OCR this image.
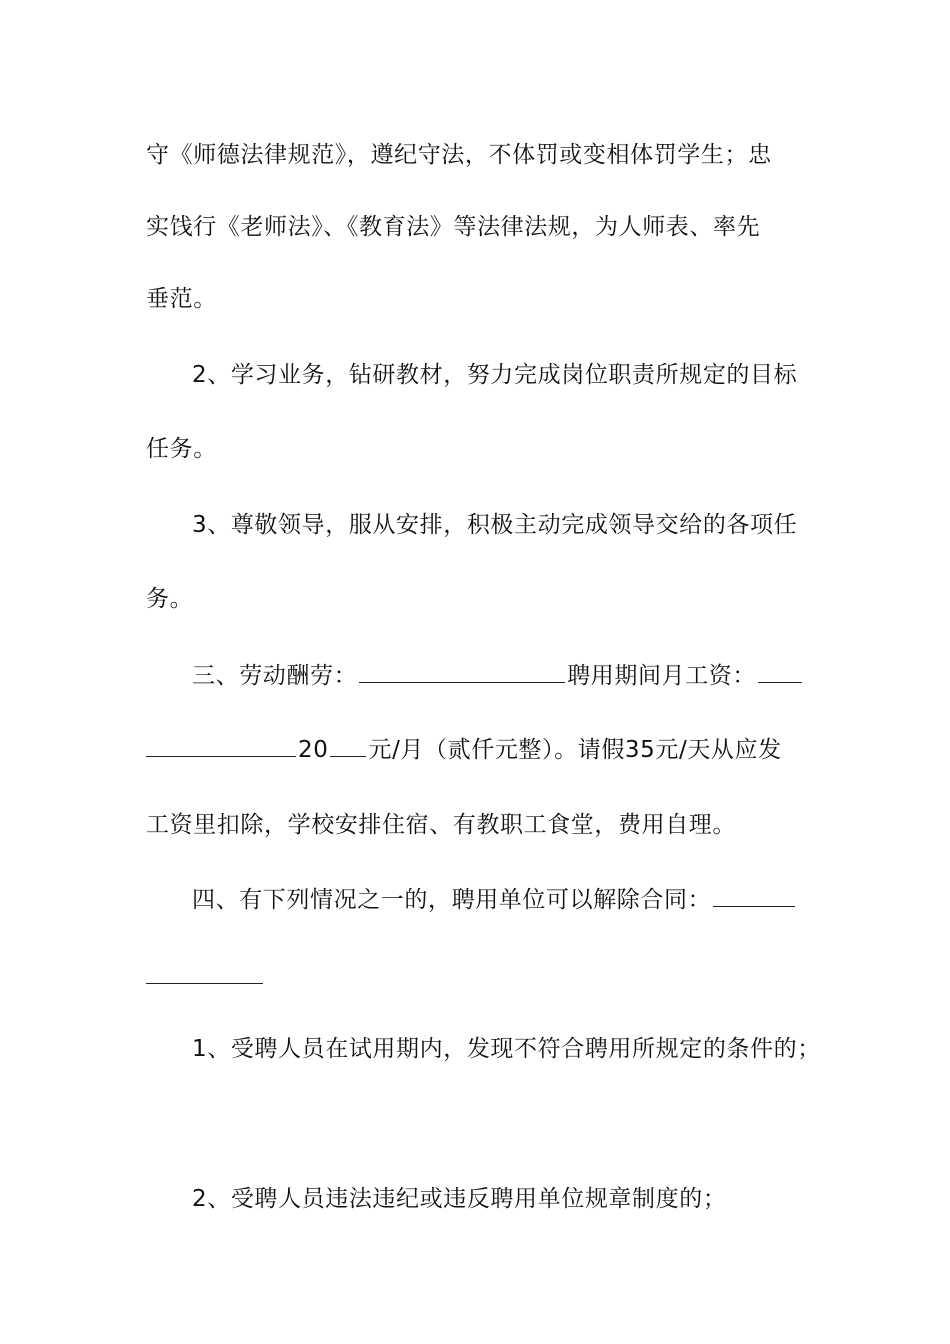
守《师德法律规范》，遵纪守法，不体罚或变相体罚学生；忠
实饯行《老师法》、《教育法》等法律法规，为人师表、率先
垂范。
2、学习业务，钻研教材，努力完成岗位职责所规定的目标
任务。
3、尊敬领导，服从安排，积极主动完成领导交给的各项任
务。
三、劳动酬劳：	聘用期间月工资：
20 元/月（贰仟元整）。请假35元/天从应发
工资里扣除，学校安排住宿、有教职工食堂，费用自理。
四、有下列情况之一的，聘用单位可以解除合同：
1、受聘人员在试用期内，发现不符合聘用所规定的条件的；
2、受聘人员违法违纪或违反聘用单位规章制度的；
